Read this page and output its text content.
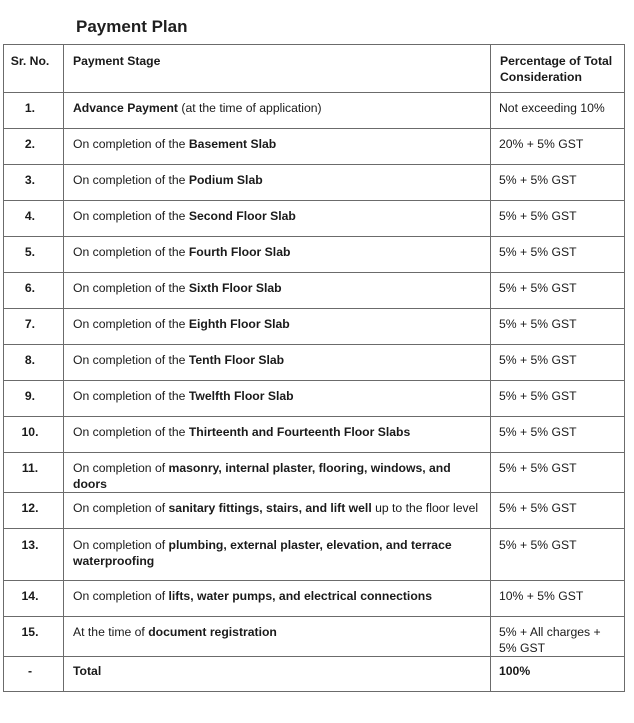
Payment Plan
Sr. No.	Payment Stage	Percentage of Total Consideration

1.	Advance Payment (at the time of application)	Not exceeding 10%

2.	On completion of the Basement Slab	20% + 5% GST

3.	On completion of the Podium Slab	5% + 5% GST

4.	On completion of the Second Floor Slab	5% + 5% GST

5.	On completion of the Fourth Floor Slab	5% + 5% GST

6.	On completion of the Sixth Floor Slab	5% + 5% GST

7.	On completion of the Eighth Floor Slab	5% + 5% GST

8.	On completion of the Tenth Floor Slab	5% + 5% GST

9.	On completion of the Twelfth Floor Slab	5% + 5% GST

10.	On completion of the Thirteenth and Fourteenth Floor Slabs	5% + 5% GST

11.	On completion of masonry, internal plaster, flooring, windows, and doors	5% + 5% GST

12.	On completion of sanitary fittings, stairs, and lift well up to the floor level	5% + 5% GST

13.	On completion of plumbing, external plaster, elevation, and terrace waterproofing	5% + 5% GST

14.	On completion of lifts, water pumps, and electrical connections	10% + 5% GST

15.	At the time of document registration	5% + All charges + 5% GST

-	Total	100%
